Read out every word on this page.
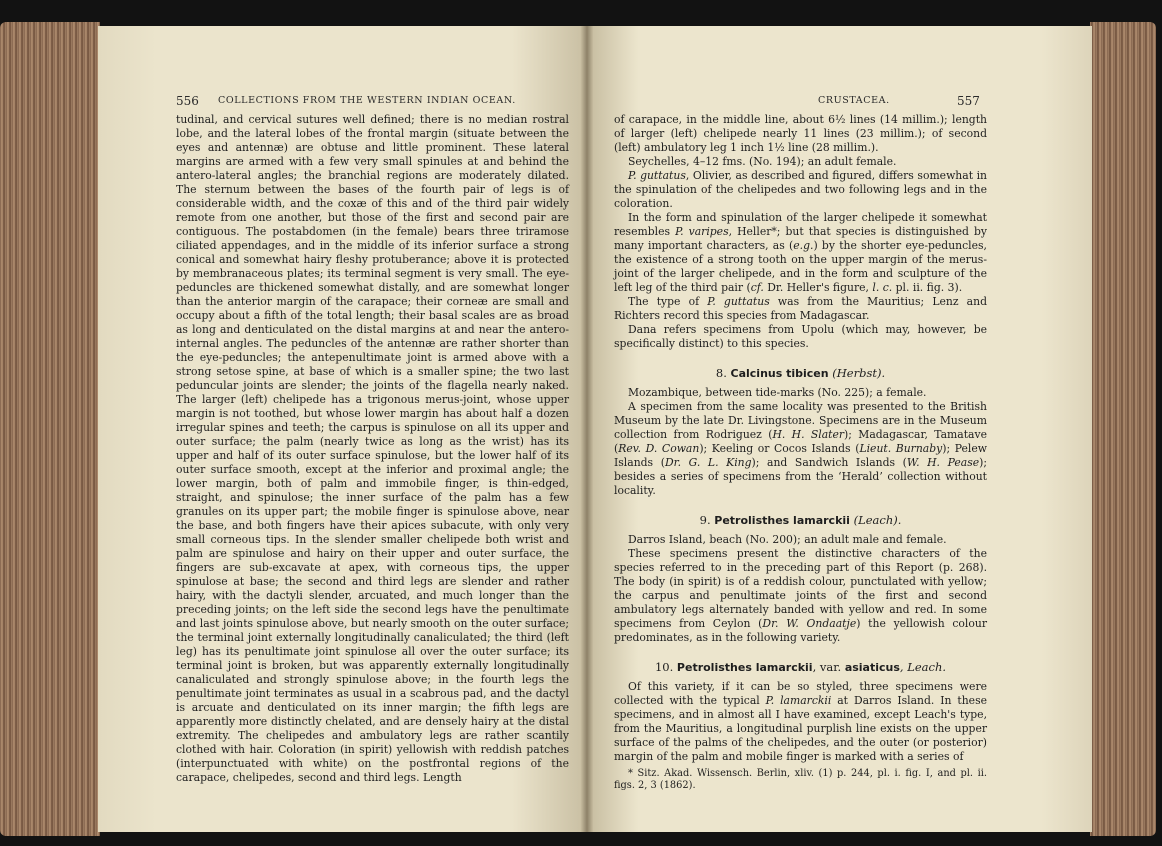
556 COLLECTIONS FROM THE WESTERN INDIAN OCEAN.

tudinal, and cervical sutures well defined; there is no median rostral lobe, and the lateral lobes of the frontal margin (situate between the eyes and antennæ) are obtuse and little prominent. These lateral margins are armed with a few very small spinules at and behind the antero-lateral angles; the branchial regions are moderately dilated. The sternum between the bases of the fourth pair of legs is of considerable width, and the coxæ of this and of the third pair widely remote from one another, but those of the first and second pair are contiguous. The postabdomen (in the female) bears three triramose ciliated appendages, and in the middle of its inferior surface a strong conical and somewhat hairy fleshy protuberance; above it is protected by membranaceous plates; its terminal segment is very small. The eye-peduncles are thickened somewhat distally, and are somewhat longer than the anterior margin of the carapace; their corneæ are small and occupy about a fifth of the total length; their basal scales are as broad as long and denticulated on the distal margins at and near the antero-internal angles. The peduncles of the antennæ are rather shorter than the eye-peduncles; the antepenultimate joint is armed above with a strong setose spine, at base of which is a smaller spine; the two last peduncular joints are slender; the joints of the flagella nearly naked. The larger (left) chelipede has a trigonous merus-joint, whose upper margin is not toothed, but whose lower margin has about half a dozen irregular spines and teeth; the carpus is spinulose on all its upper and outer surface; the palm (nearly twice as long as the wrist) has its upper and half of its outer surface spinulose, but the lower half of its outer surface smooth, except at the inferior and proximal angle; the lower margin, both of palm and immobile finger, is thin-edged, straight, and spinulose; the inner surface of the palm has a few granules on its upper part; the mobile finger is spinulose above, near the base, and both fingers have their apices subacute, with only very small corneous tips. In the slender smaller chelipede both wrist and palm are spinulose and hairy on their upper and outer surface, the fingers are sub-excavate at apex, with corneous tips, the upper spinulose at base; the second and third legs are slender and rather hairy, with the dactyli slender, arcuated, and much longer than the preceding joints; on the left side the second legs have the penultimate and last joints spinulose above, but nearly smooth on the outer surface; the terminal joint externally longitudinally canaliculated; the third (left leg) has its penultimate joint spinulose all over the outer surface; its terminal joint is broken, but was apparently externally longitudinally canaliculated and strongly spinulose above; in the fourth legs the penultimate joint terminates as usual in a scabrous pad, and the dactyl is arcuate and denticulated on its inner margin; the fifth legs are apparently more distinctly chelated, and are densely hairy at the distal extremity. The chelipedes and ambulatory legs are rather scantily clothed with hair. Coloration (in spirit) yellowish with reddish patches (interpunctuated with white) on the postfrontal regions of the carapace, chelipedes, second and third legs. Length

CRUSTACEA.	557

of carapace, in the middle line, about 6½ lines (14 millim.); length of larger (left) chelipede nearly 11 lines (23 millim.); of second (left) ambulatory leg 1 inch 1½ line (28 millim.).

Seychelles, 4–12 fms. (No. 194); an adult female.

P. guttatus, Olivier, as described and figured, differs somewhat in the spinulation of the chelipedes and two following legs and in the coloration.

In the form and spinulation of the larger chelipede it somewhat resembles P. varipes, Heller*; but that species is distinguished by many important characters, as (e.g.) by the shorter eye-peduncles, the existence of a strong tooth on the upper margin of the merus-joint of the larger chelipede, and in the form and sculpture of the left leg of the third pair (cf. Dr. Heller's figure, l. c. pl. ii. fig. 3).

The type of P. guttatus was from the Mauritius; Lenz and Richters record this species from Madagascar.

Dana refers specimens from Upolu (which may, however, be specifically distinct) to this species.

8. Calcinus tibicen (Herbst).

Mozambique, between tide-marks (No. 225); a female.

A specimen from the same locality was presented to the British Museum by the late Dr. Livingstone. Specimens are in the Museum collection from Rodriguez (H. H. Slater); Madagascar, Tamatave (Rev. D. Cowan); Keeling or Cocos Islands (Lieut. Burnaby); Pelew Islands (Dr. G. L. King); and Sandwich Islands (W. H. Pease); besides a series of specimens from the ‘Herald’ collection without locality.

9. Petrolisthes lamarckii (Leach).

Darros Island, beach (No. 200); an adult male and female.

These specimens present the distinctive characters of the species referred to in the preceding part of this Report (p. 268). The body (in spirit) is of a reddish colour, punctulated with yellow; the carpus and penultimate joints of the first and second ambulatory legs alternately banded with yellow and red. In some specimens from Ceylon (Dr. W. Ondaatje) the yellowish colour predominates, as in the following variety.

10. Petrolisthes lamarckii, var. asiaticus, Leach.

Of this variety, if it can be so styled, three specimens were collected with the typical P. lamarckii at Darros Island. In these specimens, and in almost all I have examined, except Leach's type, from the Mauritius, a longitudinal purplish line exists on the upper surface of the palms of the chelipedes, and the outer (or posterior) margin of the palm and mobile finger is marked with a series of

* Sitz. Akad. Wissensch. Berlin, xliv. (1) p. 244, pl. i. fig. I, and pl. ii. figs. 2, 3 (1862).
